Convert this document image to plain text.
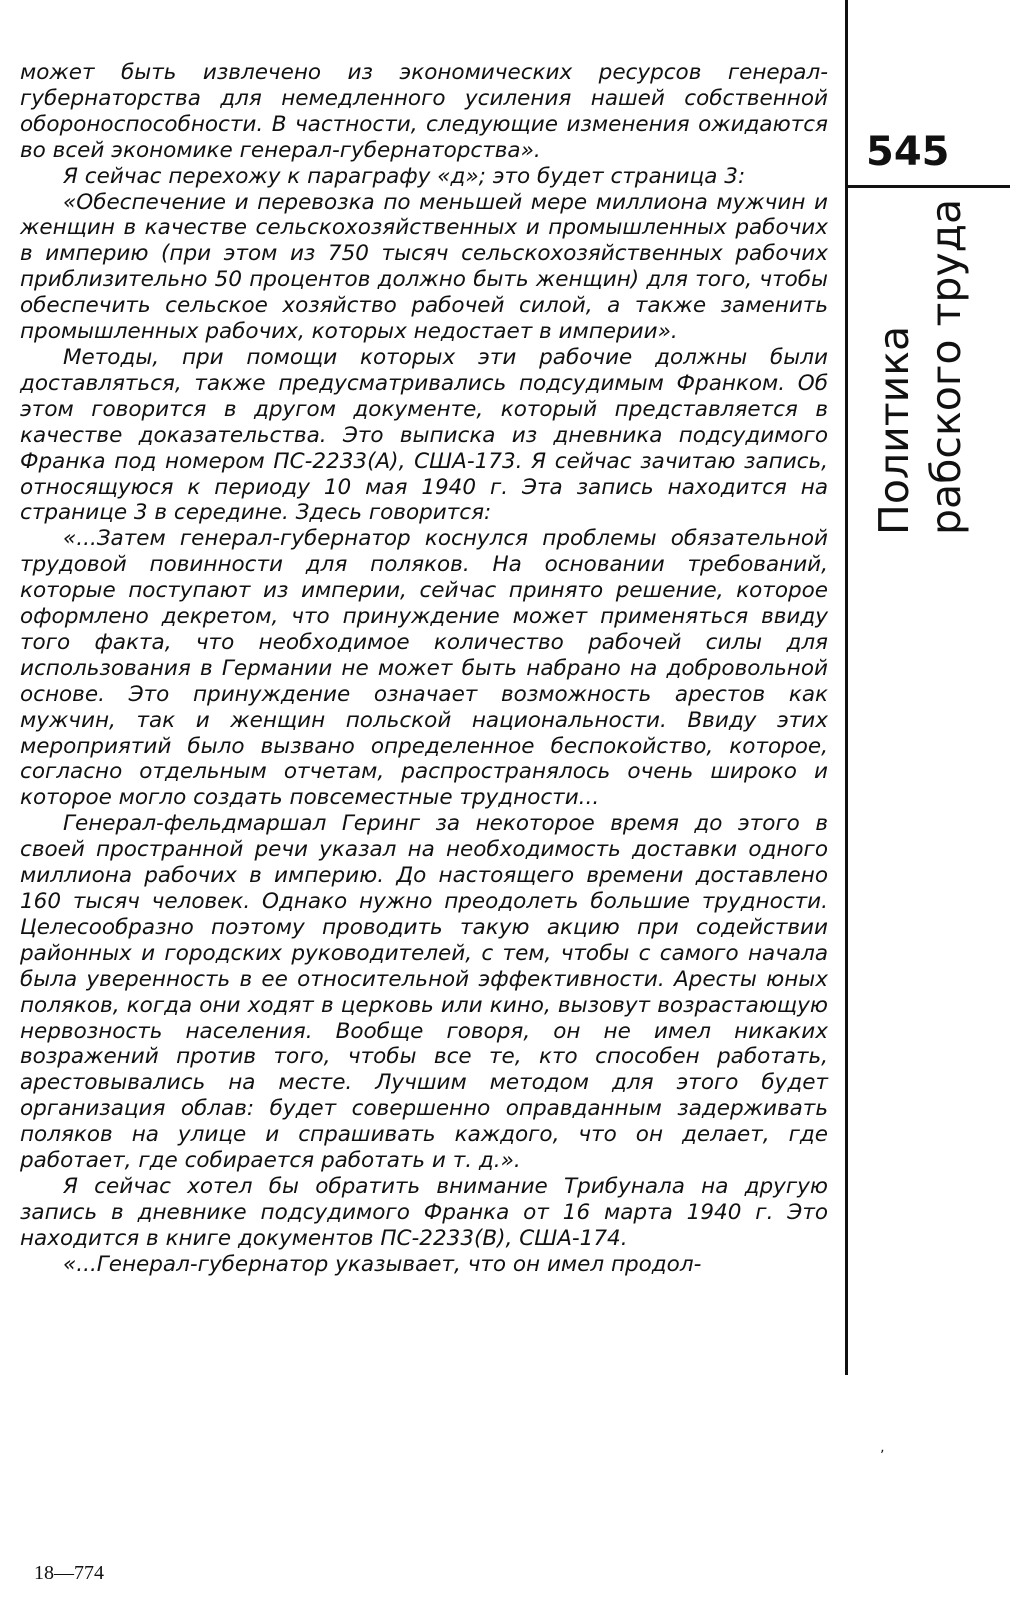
может быть извлечено из экономических ресурсов генерал-губернаторства для немедленного усиления нашей собственной обороноспособности. В частности, следующие изменения ожидаются во всей экономике генерал-губернаторства».

Я сейчас перехожу к параграфу «д»; это будет страница 3:

«Обеспечение и перевозка по меньшей мере миллиона мужчин и женщин в качестве сельскохозяйственных и промышленных рабочих в империю (при этом из 750 тысяч сельскохозяйственных рабочих приблизительно 50 процентов должно быть женщин) для того, чтобы обеспечить сельское хозяйство рабочей силой, а также заменить промышленных рабочих, которых недостает в империи».

Методы, при помощи которых эти рабочие должны были доставляться, также предусматривались подсудимым Франком. Об этом говорится в другом документе, который представляется в качестве доказательства. Это выписка из дневника подсудимого Франка под номером ПС-2233(А), США-173. Я сейчас зачитаю запись, относящуюся к периоду 10 мая 1940 г. Эта запись находится на странице 3 в середине. Здесь говорится:

«...Затем генерал-губернатор коснулся проблемы обязательной трудовой повинности для поляков. На основании требований, которые поступают из империи, сейчас принято решение, которое оформлено декретом, что принуждение может применяться ввиду того факта, что необходимое количество рабочей силы для использования в Германии не может быть набрано на добровольной основе. Это принуждение означает возможность арестов как мужчин, так и женщин польской национальности. Ввиду этих мероприятий было вызвано определенное беспокойство, которое, согласно отдельным отчетам, распространялось очень широко и которое могло создать повсеместные трудности...

Генерал-фельдмаршал Геринг за некоторое время до этого в своей пространной речи указал на необходимость доставки одного миллиона рабочих в империю. До настоящего времени доставлено 160 тысяч человек. Однако нужно преодолеть большие трудности. Целесообразно поэтому проводить такую акцию при содействии районных и городских руководителей, с тем, чтобы с самого начала была уверенность в ее относительной эффективности. Аресты юных поляков, когда они ходят в церковь или кино, вызовут возрастающую нервозность населения. Вообще говоря, он не имел никаких возражений против того, чтобы все те, кто способен работать, арестовывались на месте. Лучшим методом для этого будет организация облав: будет совершенно оправданным задерживать поляков на улице и спрашивать каждого, что он делает, где работает, где собирается работать и т. д.».

Я сейчас хотел бы обратить внимание Трибунала на другую запись в дневнике подсудимого Франка от 16 марта 1940 г. Это находится в книге документов ПС-2233(В), США-174.

«...Генерал-губернатор указывает, что он имел продол-

545
Политика рабского труда
ʼ
18—774
